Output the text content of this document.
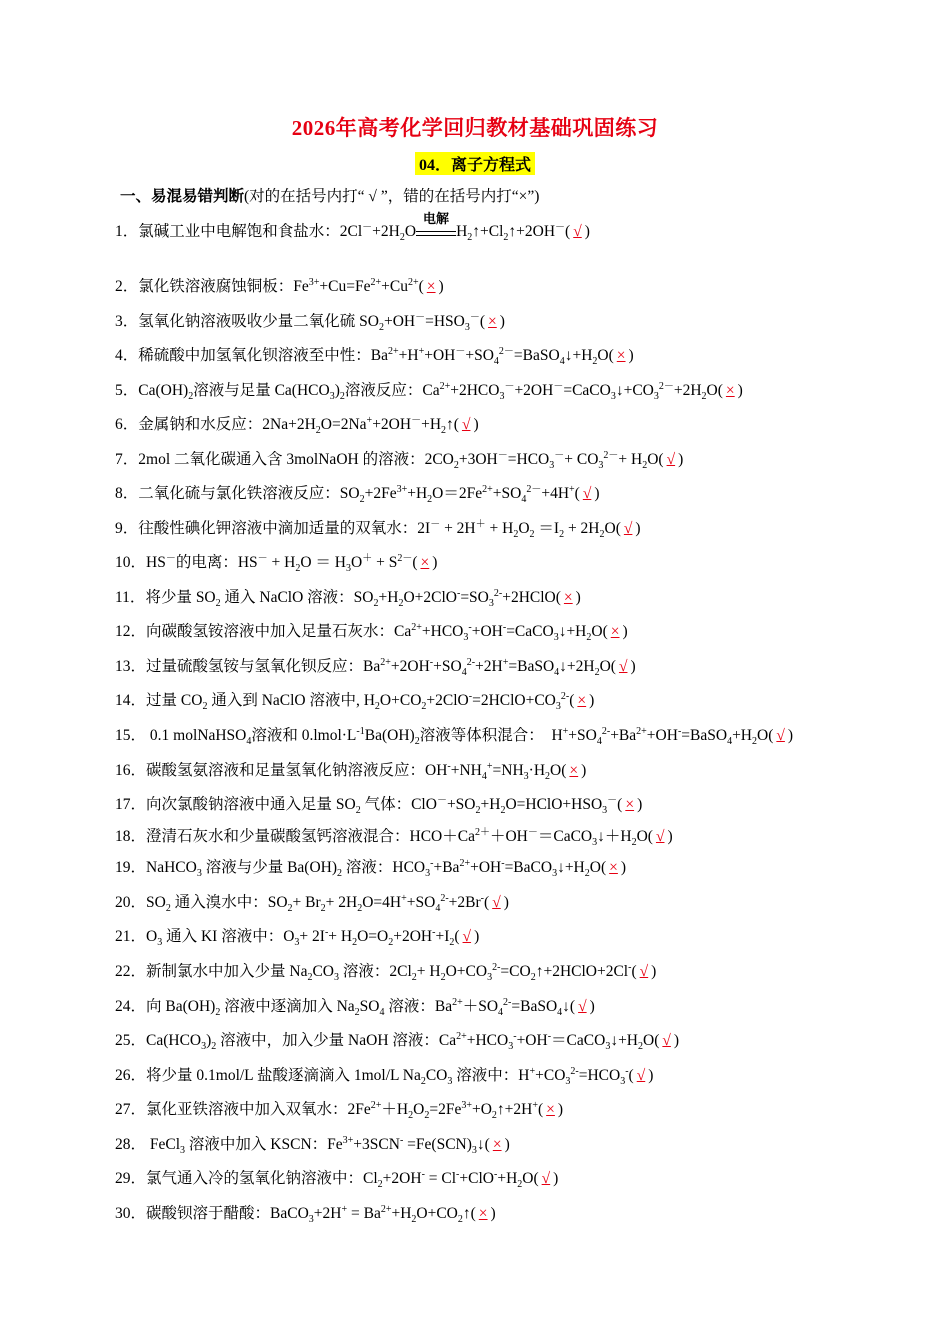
2026年高考化学回归教材基础巩固练习
04．离子方程式
一、易混易错判断(对的在括号内打“ √ ”，错的在括号内打“×”)
1．氯碱工业中电解饱和食盐水：$2Cl^-+2H_2O$
电解
$H_2↑+Cl_2↑+2OH^-$( √ )
2．氯化铁溶液腐蚀铜板：$Fe^{3+}+Cu=Fe^{2+}+Cu^{2+}$( × )
3．氢氧化钠溶液吸收少量二氧化硫 $SO_2+OH^-=HSO_3^-$( × )
4．稀硫酸中加氢氧化钡溶液至中性：$Ba^{2+}+H^++OH^-+SO_4^{2-}=BaSO_4↓+H_2O$( × )
5．$Ca(OH)_2$溶液与足量 $Ca(HCO_3)_2$溶液反应：$Ca^{2+}+2HCO_3^-+2OH^-=CaCO_3↓+CO_3^{2-}+2H_2O$( × )
6．金属钠和水反应：$2Na+2H_2O=2Na^++2OH^-+H_2↑$( √ )
7．2mol 二氧化碳通入含 3molNaOH 的溶液：$2CO_2+3OH^-=HCO_3^-+ CO_3^{2-}+ H_2O$( √ )
8．二氧化硫与氯化铁溶液反应：$SO_2+2Fe^{3+}+H_2O=2Fe^{2+}+SO_4^{2-}+4H^+$( √ )
9．往酸性碘化钾溶液中滴加适量的双氧水：$2I^- + 2H^+ + H_2O_2 =I_2 + 2H_2O$( √ )
10．HS－的电离：$HS^- + H_2O = H_3O^+ + S^{2-}$( × )
11．将少量 $SO_2$ 通入 NaClO 溶液：$SO_2+H_2O+2ClO^-=SO_3^{2-}+2HClO$( × )
12．向碳酸氢铵溶液中加入足量石灰水：$Ca^{2+}+HCO_3^-+OH^-=CaCO_3↓+H_2O$( × )
13．过量硫酸氢铵与氢氧化钡反应：$Ba^{2+}+2OH^-+SO_4^{2-}+2H^+=BaSO_4↓+2H_2O$( √ )
14．过量 $CO_2$ 通入到 NaClO 溶液中, $H_2O+CO_2+2ClO^-=2HClO+CO_3^{2-}$( × )
15． 0.1 molNaHSO$_4$溶液和 $0.lmol\cdot L^{-1}Ba(OH)_2$溶液等体积混合：  $H^++SO_4^{2-}+Ba^{2+}+OH^-=BaSO_4+H_2O$( √ )
16．碳酸氢氨溶液和足量氢氧化钠溶液反应：$OH^-+NH_4^+=NH_3\cdot H_2O$( × )
17．向次氯酸钠溶液中通入足量 $SO_2$ 气体：$ClO^-+SO_2+H_2O=HClO+HSO_3^-$( × )
18．澄清石灰水和少量碳酸氢钙溶液混合：$HCO+Ca^{2+}+OH^-=CaCO_3↓+H_2O$( √ )
19．NaHCO$_3$ 溶液与少量 $Ba(OH)_2$ 溶液：$HCO_3^-+Ba^{2+}+OH^-=BaCO_3↓+H_2O$( × )
20．$SO_2$ 通入溴水中：$SO_2+ Br_2+ 2H_2O=4H^++SO_4^{2-}+2Br^-$( √ )
21．$O_3$ 通入 KI 溶液中：$O_3+ 2I^-+ H_2O=O_2+2OH^-+I_2$( √ )
22．新制氯水中加入少量 $Na_2CO_3$ 溶液：$2Cl_2+$ $H_2O+CO_3^{2-}=CO_2↑+2HClO+2Cl^-$( √ )
24．向 $Ba(OH)_2$ 溶液中逐滴加入 $Na_2SO_4$ 溶液：$Ba^{2+}+SO_4^{2-}=BaSO_4↓$( √ )
25．$Ca(HCO_3)_2$ 溶液中，加入少量 NaOH 溶液：$Ca^{2+}+HCO_3^-+OH^-=CaCO_3↓+H_2O$( √ )
26．将少量 0.1mol/L 盐酸逐滴滴入 1mol/L $Na_2CO_3$ 溶液中：$H^++CO_3^{2-}=HCO_3^-$( √ )
27．氯化亚铁溶液中加入双氧水：$2Fe^{2+}+H_2O_2=2Fe^{3+}+O_2↑+2H^+$( × )
28． FeCl$_3$ 溶液中加入 KSCN：$Fe^{3+}+3SCN^-$ $=Fe(SCN)_3↓$( × )
29．氯气通入冷的氢氧化钠溶液中：$Cl_2+2OH^- = Cl^-+ClO^-+H_2O$( √ )
30．碳酸钡溶于醋酸：BaCO$_3$+2H+ = $Ba^{2+}+H_2O+CO_2↑$( × )
